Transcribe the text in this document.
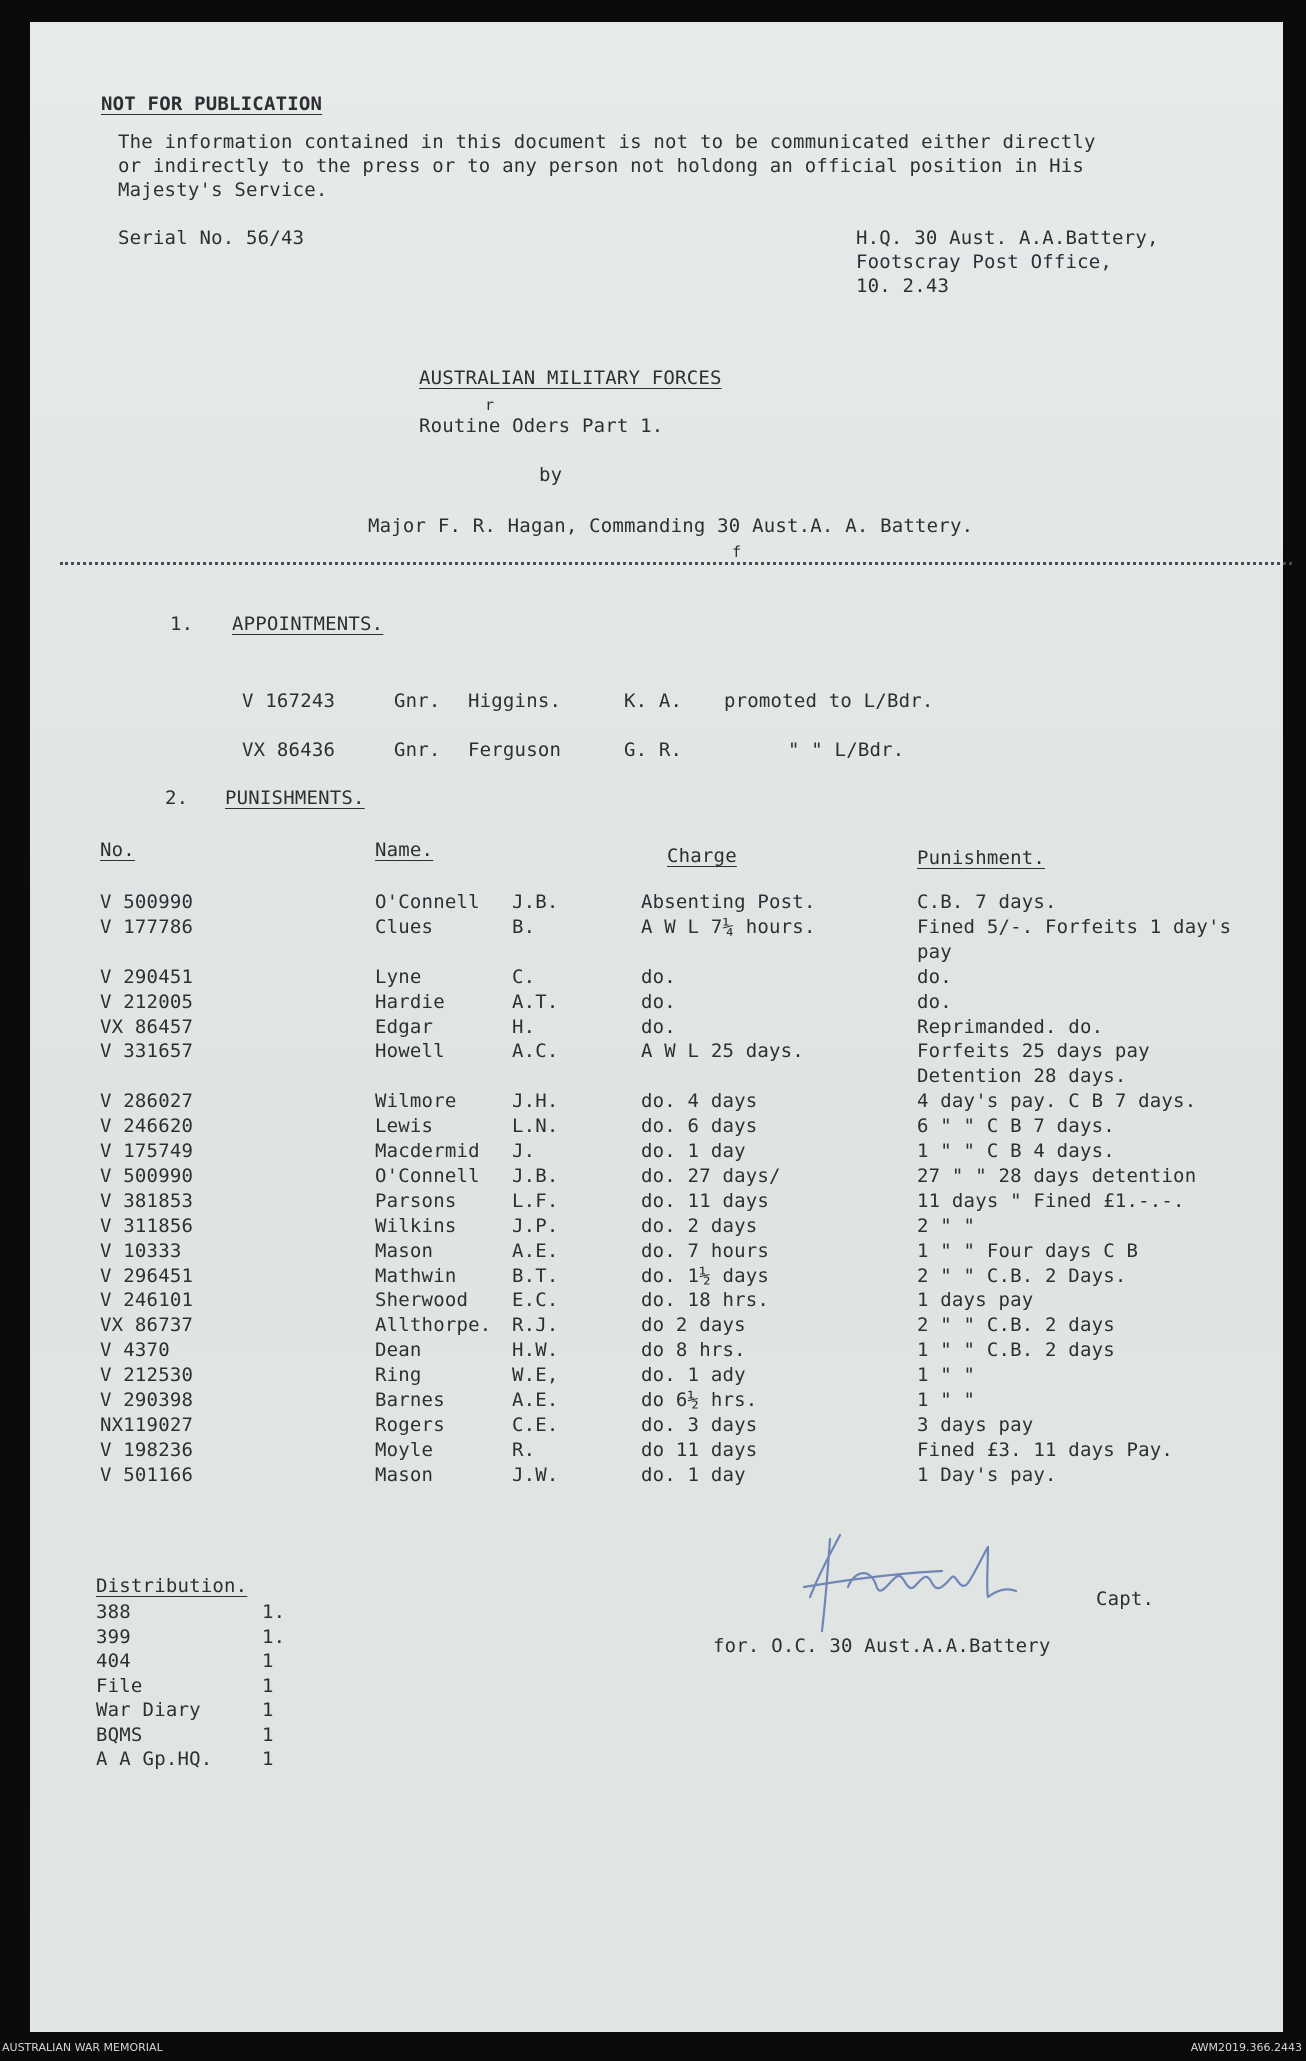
NOT FOR PUBLICATION
The information contained in this document is not to be communicated either directly
or indirectly to the press or to any person not holdong an official position in His
Majesty's Service.
Serial No. 56/43	H.Q. 30 Aust. A.A.Battery,
Footscray Post Office,
10. 2.43
AUSTRALIAN MILITARY FORCES
r
Routine Oders Part 1.
by
Major F. R. Hagan, Commanding 30 Aust.A. A. Battery.
f
1. APPOINTMENTS.
V 167243	Gnr. Higgins.	K. A. promoted to L/Bdr.
VX 86436	Gnr. Ferguson	G. R.	" " L/Bdr.
2. PUNISHMENTS.
No.	Name.	Charge	Punishment.
V 500990	O'Connell J.B.	Absenting Post.	C.B. 7 days.
V 177786	Clues	B.	A W L 7¼ hours.	Fined 5/-. Forfeits 1 day's
pay
V 290451	Lyne	C.	do.	do.
V 212005	Hardie	A.T.	do.	do.
VX 86457	Edgar	H.	do.	Reprimanded. do.
V 331657	Howell	A.C.	A W L 25 days.	Forfeits 25 days pay
Detention 28 days.
V 286027	Wilmore	J.H.	do. 4 days	4 day's pay. C B 7 days.
V 246620	Lewis	L.N.	do. 6 days	6 " " C B 7 days.
V 175749	Macdermid J.	do. 1 day	1 " " C B 4 days.
V 500990	O'Connell J.B.	do. 27 days/	27 " " 28 days detention
V 381853	Parsons	L.F.	do. 11 days	11 days " Fined £1.-.-.
V 311856	Wilkins	J.P.	do. 2 days	2 " "
V 10333	Mason	A.E.	do. 7 hours	1 " " Four days C B
V 296451	Mathwin	B.T.	do. 1½ days	2 " " C.B. 2 Days.
V 246101	Sherwood E.C.	do. 18 hrs.	1 days pay
VX 86737	Allthorpe. R.J.	do 2 days	2 " " C.B. 2 days
V 4370	Dean	H.W.	do 8 hrs.	1 " " C.B. 2 days
V 212530	Ring	W.E,	do. 1 ady	1 " "
V 290398	Barnes	A.E.	do 6½ hrs.	1 " "
NX119027	Rogers	C.E.	do. 3 days	3 days pay
V 198236	Moyle	R.	do 11 days	Fined £3. 11 days Pay.
V 501166	Mason	J.W.	do. 1 day	1 Day's pay.
Capt.
for. O.C. 30 Aust.A.A.Battery
Distribution.
388	1.
399	1.
404	1
File	1
War Diary	1
BQMS	1
A A Gp.HQ.	1
AUSTRALIAN WAR MEMORIAL	AWM2019.366.2443
